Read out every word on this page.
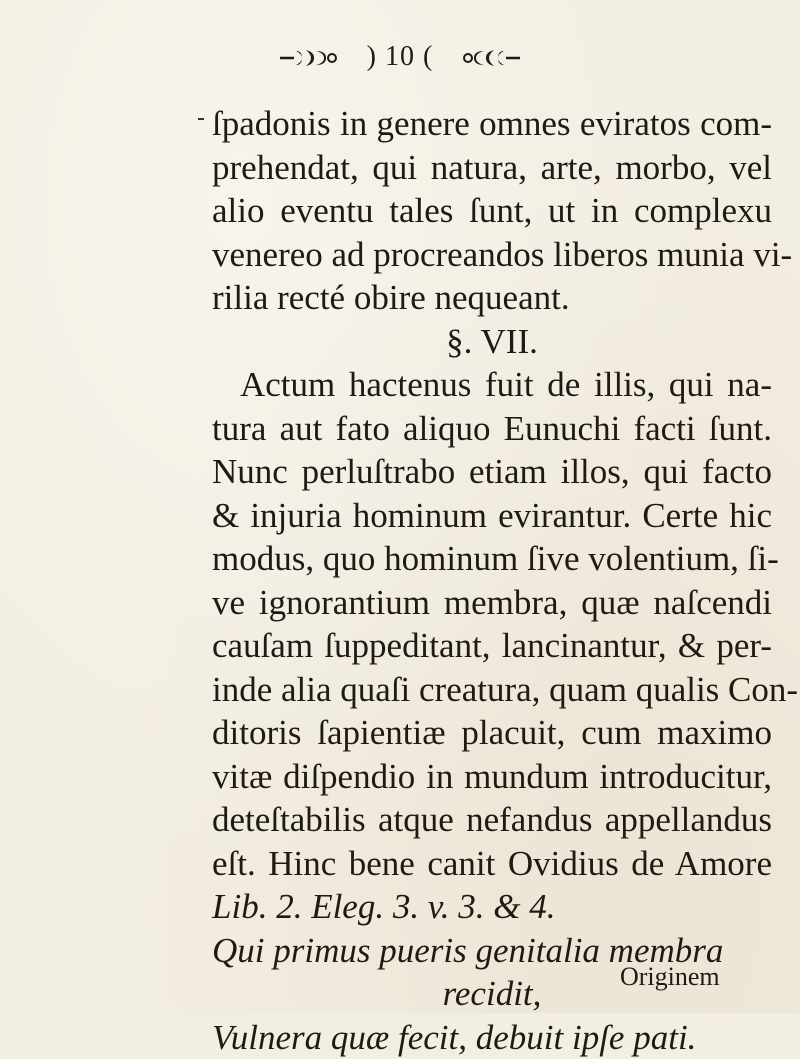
) 10 (
ſpadonis in genere omnes eviratos com-
prehendat, qui natura, arte, morbo, vel
alio eventu tales ſunt, ut in complexu
venereo ad procreandos liberos munia vi-
rilia recté obire nequeant.
§. VII.
Actum hactenus fuit de illis, qui na-
tura aut fato aliquo Eunuchi facti ſunt.
Nunc perluſtrabo etiam illos, qui facto
& injuria hominum evirantur. Certe hic
modus, quo hominum ſive volentium, ſi-
ve ignorantium membra, quæ naſcendi
cauſam ſuppeditant, lancinantur, & per-
inde alia quaſi creatura, quam qualis Con-
ditoris ſapientiæ placuit, cum maximo
vitæ diſpendio in mundum introducitur,
deteſtabilis atque nefandus appellandus
eſt. Hinc bene canit Ovidius de Amore
Lib. 2. Eleg. 3. v. 3. & 4.
Qui primus pueris genitalia membra
recidit,
Vulnera quæ fecit, debuit ipſe pati.
Originem
